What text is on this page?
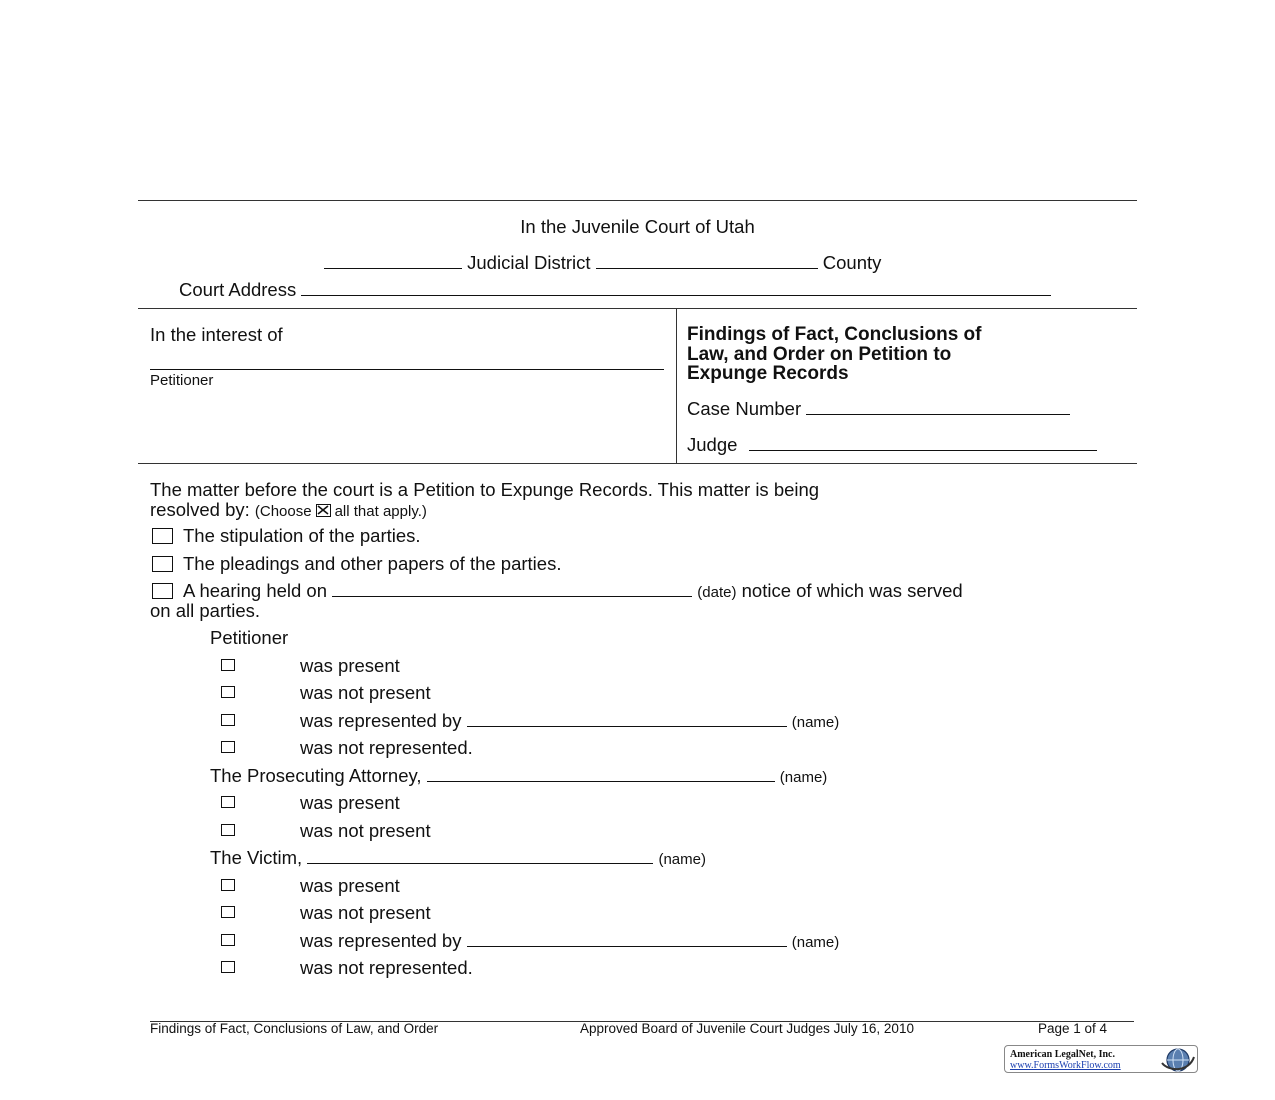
In the Juvenile Court of Utah
Judicial District	County
Court Address
In the interest of
Petitioner
Findings of Fact, Conclusions of
Law, and Order on Petition to
Expunge Records
Case Number
Judge
The matter before the court is a Petition to Expunge Records. This matter is being
resolved by: (Choose all that apply.)
The stipulation of the parties.
The pleadings and other papers of the parties.
A hearing held on	(date) notice of which was served
on all parties.
Petitioner
was present
was not present
was represented by	(name)
was not represented.
The Prosecuting Attorney,	(name)
was present
was not present
The Victim,	(name)
was present
was not present
was represented by	(name)
was not represented.
Findings of Fact, Conclusions of Law, and Order	Approved Board of Juvenile Court Judges July 16, 2010	Page 1 of 4
American LegalNet, Inc.
www.FormsWorkFlow.com
